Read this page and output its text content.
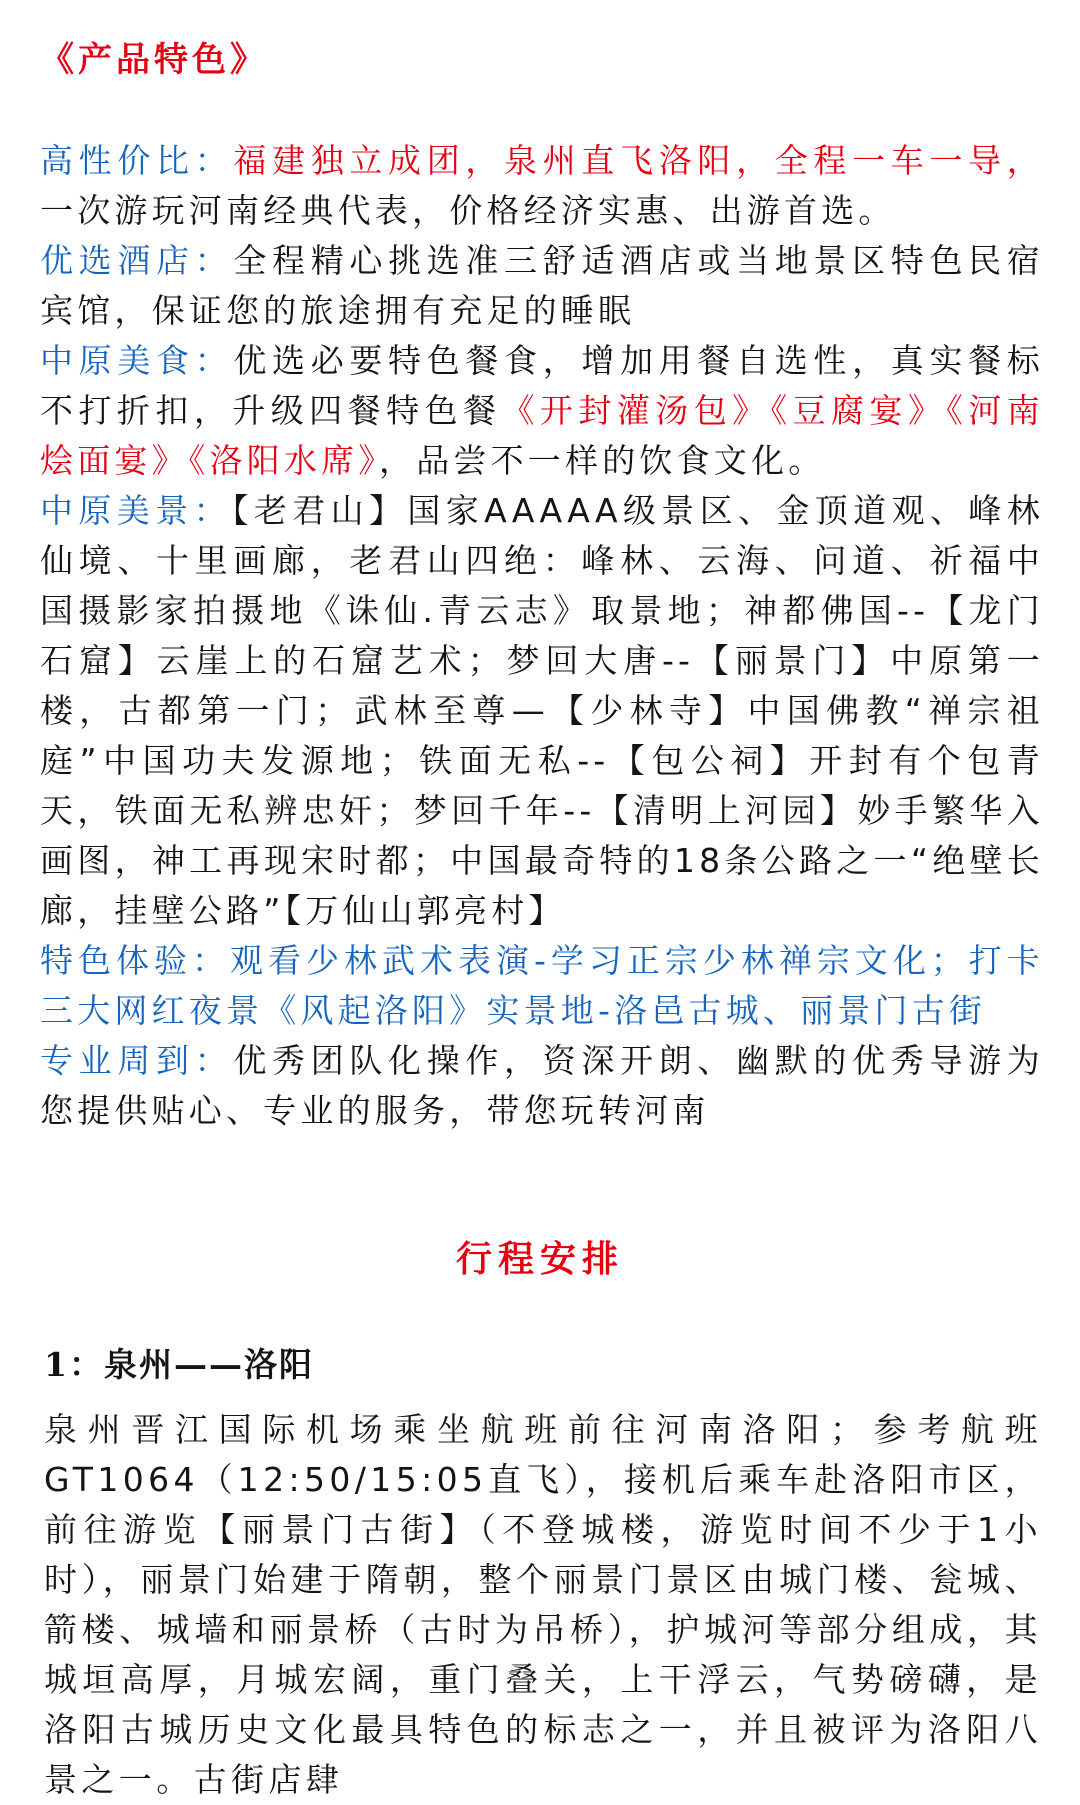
《产品特色》

高性价比：福建独立成团，泉州直飞洛阳，全程一车一导，一次游玩河南经典代表，价格经济实惠、出游首选。

优选酒店：全程精心挑选准三舒适酒店或当地景区特色民宿宾馆，保证您的旅途拥有充足的睡眠

中原美食：优选必要特色餐食，增加用餐自选性，真实餐标不打折扣，升级四餐特色餐《开封灌汤包》《豆腐宴》《河南烩面宴》《洛阳水席》，品尝不一样的饮食文化。

中原美景：【老君山】国家AAAAA级景区、金顶道观、峰林仙境、十里画廊，老君山四绝：峰林、云海、问道、祈福中国摄影家拍摄地《诛仙.青云志》取景地；神都佛国--【龙门石窟】云崖上的石窟艺术；梦回大唐--【丽景门】中原第一楼，古都第一门；武林至尊—【少林寺】中国佛教“禅宗祖庭”中国功夫发源地；铁面无私--【包公祠】开封有个包青天，铁面无私辨忠奸；梦回千年--【清明上河园】妙手繁华入画图，神工再现宋时都；中国最奇特的18条公路之一“绝壁长廊，挂壁公路”【万仙山郭亮村】

特色体验：观看少林武术表演-学习正宗少林禅宗文化；打卡三大网红夜景《风起洛阳》实景地-洛邑古城、丽景门古街

专业周到：优秀团队化操作，资深开朗、幽默的优秀导游为您提供贴心、专业的服务，带您玩转河南

行程安排
1：泉州——洛阳

泉州晋江国际机场乘坐航班前往河南洛阳；参考航班GT1064（12:50/15:05直飞），接机后乘车赴洛阳市区，前往游览【丽景门古街】（不登城楼，游览时间不少于1小时），丽景门始建于隋朝，整个丽景门景区由城门楼、瓮城、箭楼、城墙和丽景桥（古时为吊桥），护城河等部分组成，其城垣高厚，月城宏阔，重门叠关，上干浮云，气势磅礴，是洛阳古城历史文化最具特色的标志之一，并且被评为洛阳八景之一。古街店肆
